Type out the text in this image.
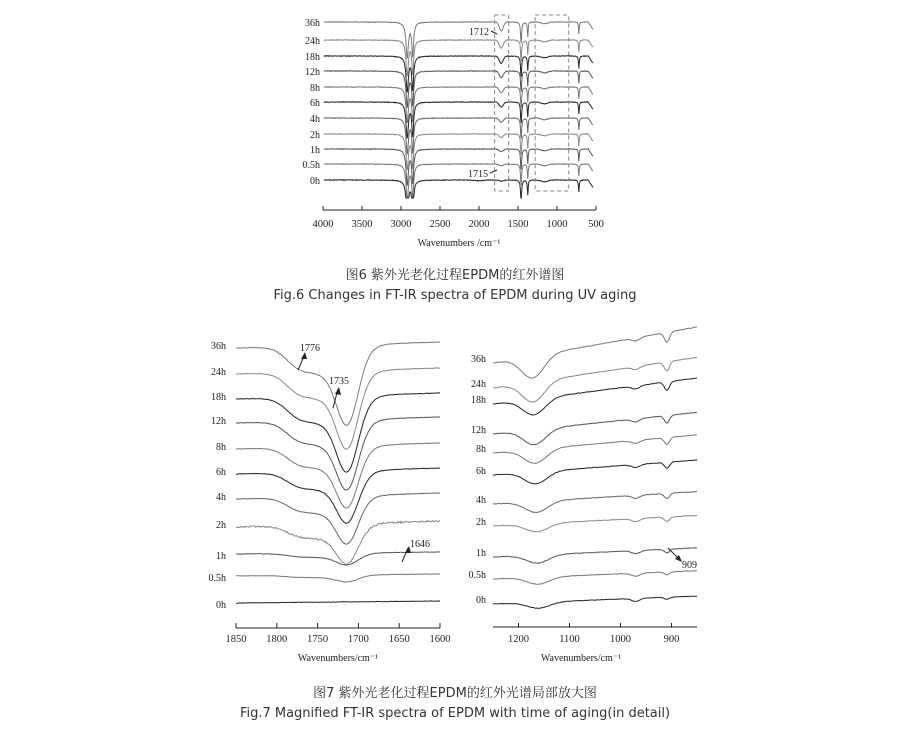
36h
24h
18h
12h
8h
6h
4h
2h
1h
0.5h
0h
1712
1715
4000 3500 3000 2500 2000 1500 1000 500
Wavenumbers /cm⁻¹
36h
24h
18h
12h
8h
6h
4h
2h
1h
0.5h
0h
1776
1735
1646
1850 1800 1750 1700 1650 1600
Wavenumbers/cm⁻¹
36h
24h
18h
12h
8h
6h
4h
2h
1h
0.5h
0h
909
1200	1100	1000	900
Wavenumbers/cm⁻¹
图6 紫外光老化过程EPDM的红外谱图
Fig.6 Changes in FT-IR spectra of EPDM during UV aging
图7 紫外光老化过程EPDM的红外光谱局部放大图
Fig.7 Magnified FT-IR spectra of EPDM with time of aging(in detail)
